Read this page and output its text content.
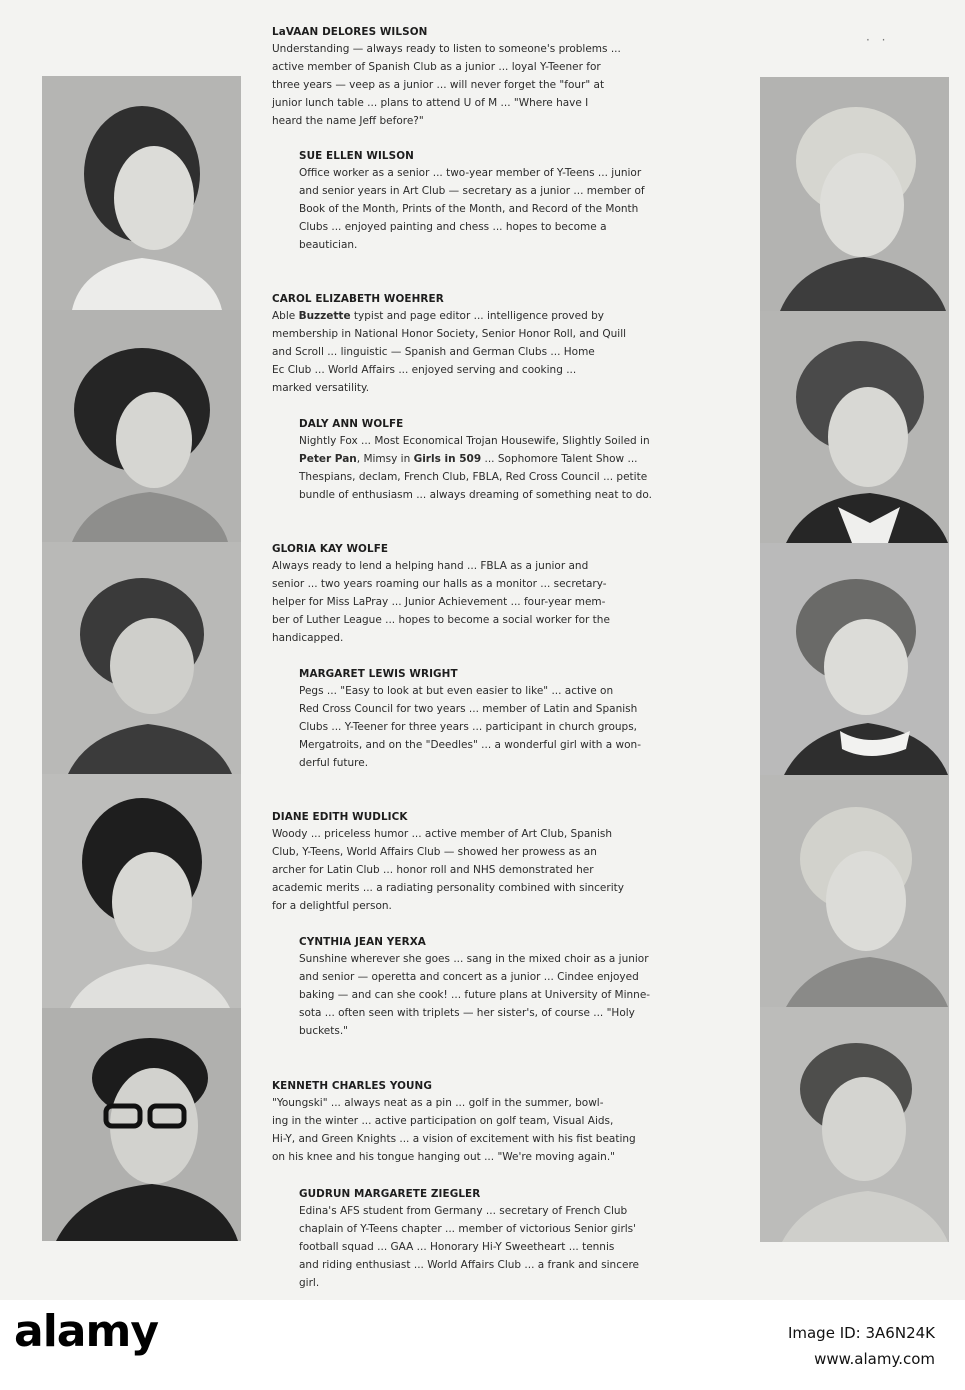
· ·

LaVAAN DELORES WILSON

Understanding — always ready to listen to someone's problems ...
active member of Spanish Club as a junior ... loyal Y-Teener for
three years — veep as a junior ... will never forget the "four" at
junior lunch table ... plans to attend U of M ... "Where have I
heard the name Jeff before?"

SUE ELLEN WILSON

Office worker as a senior ... two-year member of Y-Teens ... junior
and senior years in Art Club — secretary as a junior ... member of
Book of the Month, Prints of the Month, and Record of the Month
Clubs ... enjoyed painting and chess ... hopes to become a
beautician.

CAROL ELIZABETH WOEHRER

Able Buzzette typist and page editor ... intelligence proved by
membership in National Honor Society, Senior Honor Roll, and Quill
and Scroll ... linguistic — Spanish and German Clubs ... Home
Ec Club ... World Affairs ... enjoyed serving and cooking ...
marked versatility.

DALY ANN WOLFE

Nightly Fox ... Most Economical Trojan Housewife, Slightly Soiled in
Peter Pan, Mimsy in Girls in 509 ... Sophomore Talent Show ...
Thespians, declam, French Club, FBLA, Red Cross Council ... petite
bundle of enthusiasm ... always dreaming of something neat to do.

GLORIA KAY WOLFE

Always ready to lend a helping hand ... FBLA as a junior and
senior ... two years roaming our halls as a monitor ... secretary-
helper for Miss LaPray ... Junior Achievement ... four-year mem-
ber of Luther League ... hopes to become a social worker for the
handicapped.

MARGARET LEWIS WRIGHT

Pegs ... "Easy to look at but even easier to like" ... active on
Red Cross Council for two years ... member of Latin and Spanish
Clubs ... Y-Teener for three years ... participant in church groups,
Mergatroits, and on the "Deedles" ... a wonderful girl with a won-
derful future.

DIANE EDITH WUDLICK

Woody ... priceless humor ... active member of Art Club, Spanish
Club, Y-Teens, World Affairs Club — showed her prowess as an
archer for Latin Club ... honor roll and NHS demonstrated her
academic merits ... a radiating personality combined with sincerity
for a delightful person.

CYNTHIA JEAN YERXA

Sunshine wherever she goes ... sang in the mixed choir as a junior
and senior — operetta and concert as a junior ... Cindee enjoyed
baking — and can she cook! ... future plans at University of Minne-
sota ... often seen with triplets — her sister's, of course ... "Holy
buckets."

KENNETH CHARLES YOUNG

"Youngski" ... always neat as a pin ... golf in the summer, bowl-
ing in the winter ... active participation on golf team, Visual Aids,
Hi-Y, and Green Knights ... a vision of excitement with his fist beating
on his knee and his tongue hanging out ... "We're moving again."

GUDRUN MARGARETE ZIEGLER

Edina's AFS student from Germany ... secretary of French Club
chaplain of Y-Teens chapter ... member of victorious Senior girls'
football squad ... GAA ... Honorary Hi-Y Sweetheart ... tennis
and riding enthusiast ... World Affairs Club ... a frank and sincere
girl.

alamy	Image ID: 3A6N24K
www.alamy.com
